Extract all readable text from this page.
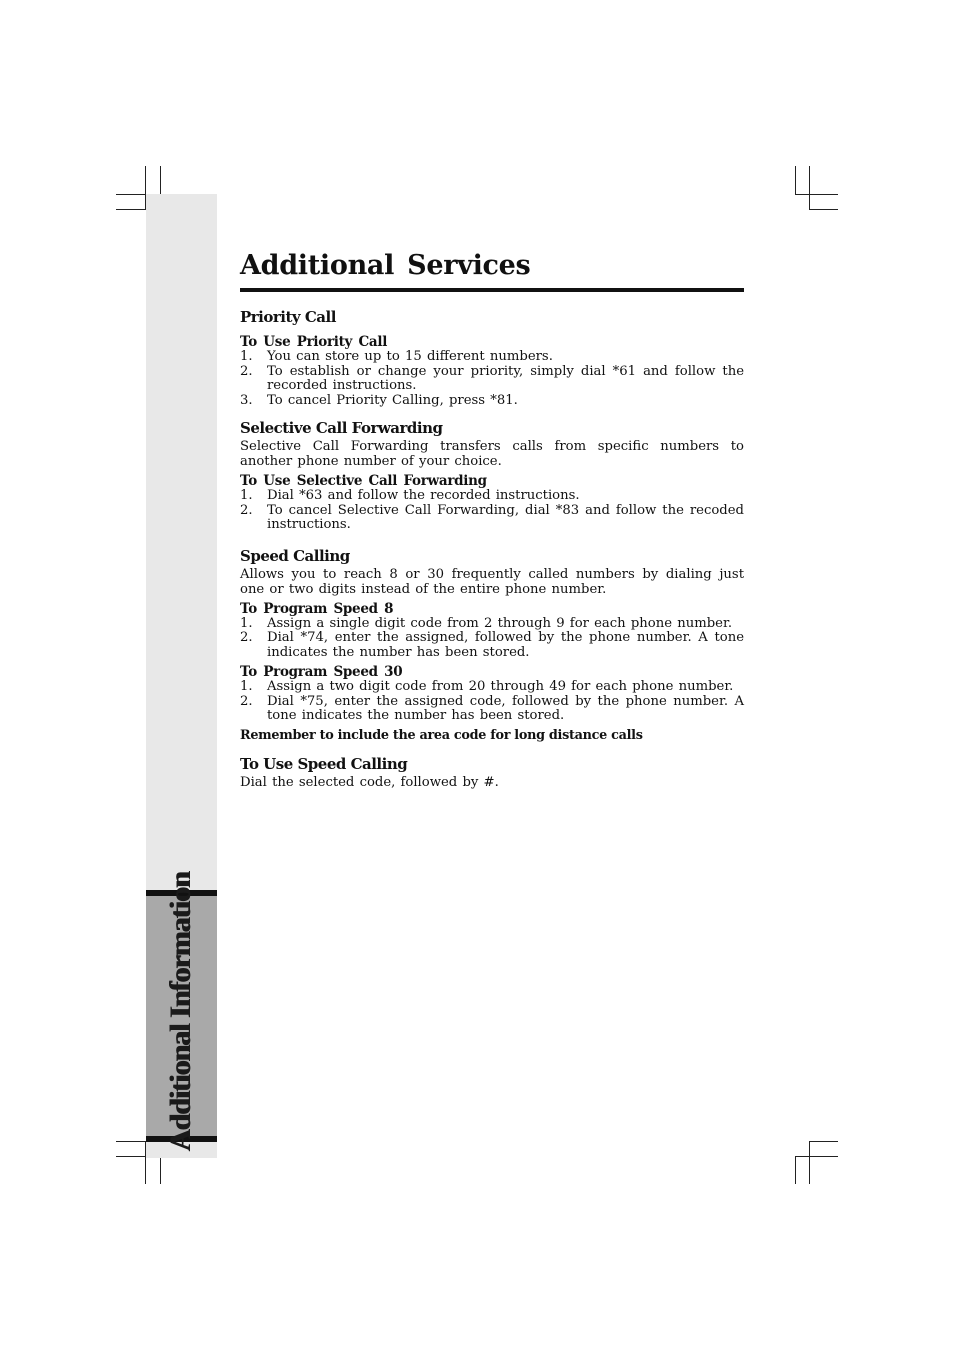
Additional Information
Additional Services
Priority Call
To Use Priority Call
1. You can store up to 15 different numbers.
2. To establish or change your priority, simply dial *61 and follow the recorded instructions.
3. To cancel Priority Calling, press *81.
Selective Call Forwarding

Selective Call Forwarding transfers calls from specific numbers to another phone number of your choice.

To Use Selective Call Forwarding
1. Dial *63 and follow the recorded instructions.
2. To cancel Selective Call Forwarding, dial *83 and follow the recoded instructions.
Speed Calling

Allows you to reach 8 or 30 frequently called numbers by dialing just one or two digits instead of the entire phone number.

To Program Speed 8
1. Assign a single digit code from 2 through 9 for each phone number.
2. Dial *74, enter the assigned, followed by the phone number. A tone indicates the number has been stored.
To Program Speed 30
1. Assign a two digit code from 20 through 49 for each phone number.
2. Dial *75, enter the assigned code, followed by the phone number. A tone indicates the number has been stored.

Remember to include the area code for long distance calls

To Use Speed Calling

Dial the selected code, followed by #.
